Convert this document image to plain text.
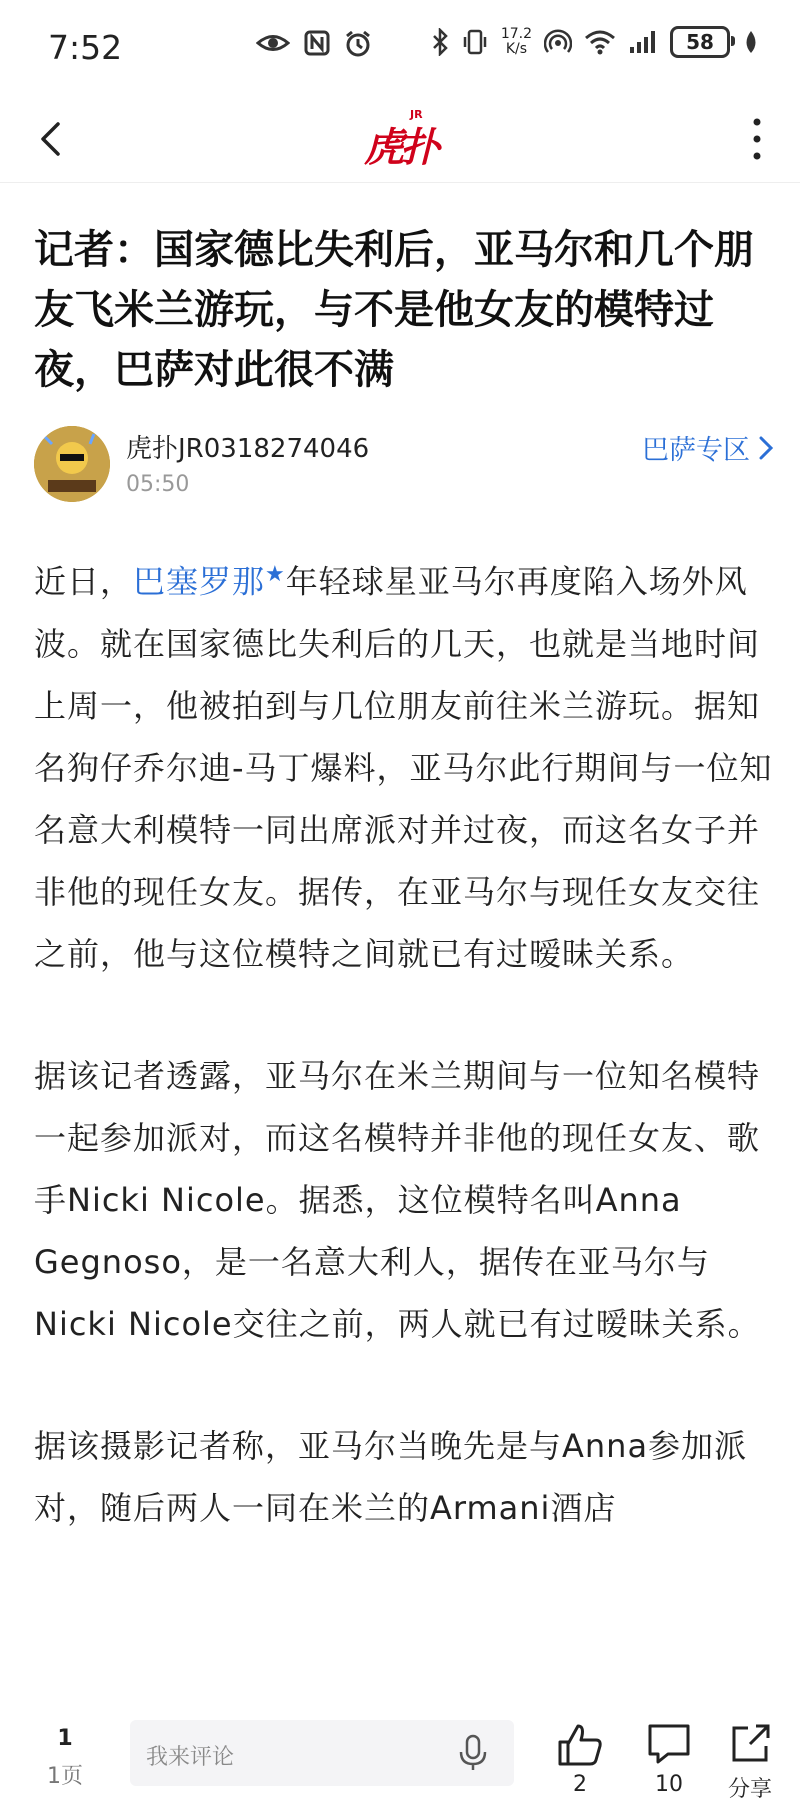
7:52	17.2
K/s	58
虎扑
JR
记者：国家德比失利后，亚马尔和几个朋友飞米兰游玩，与不是他女友的模特过夜，巴萨对此很不满
虎扑JR0318274046
05:50
巴萨专区

近日，巴塞罗那★年轻球星亚马尔再度陷入场外风波。就在国家德比失利后的几天，也就是当地时间上周一，他被拍到与几位朋友前往米兰游玩。据知名狗仔乔尔迪-马丁爆料，亚马尔此行期间与一位知名意大利模特一同出席派对并过夜，而这名女子并非他的现任女友。据传，在亚马尔与现任女友交往之前，他与这位模特之间就已有过暧昧关系。

据该记者透露，亚马尔在米兰期间与一位知名模特一起参加派对，而这名模特并非他的现任女友、歌手Nicki Nicole。据悉，这位模特名叫Anna Gegnoso，是一名意大利人，据传在亚马尔与Nicki Nicole交往之前，两人就已有过暧昧关系。

据该摄影记者称，亚马尔当晚先是与Anna参加派对，随后两人一同在米兰的Armani酒店

1
1页
我来评论
2	10	分享
